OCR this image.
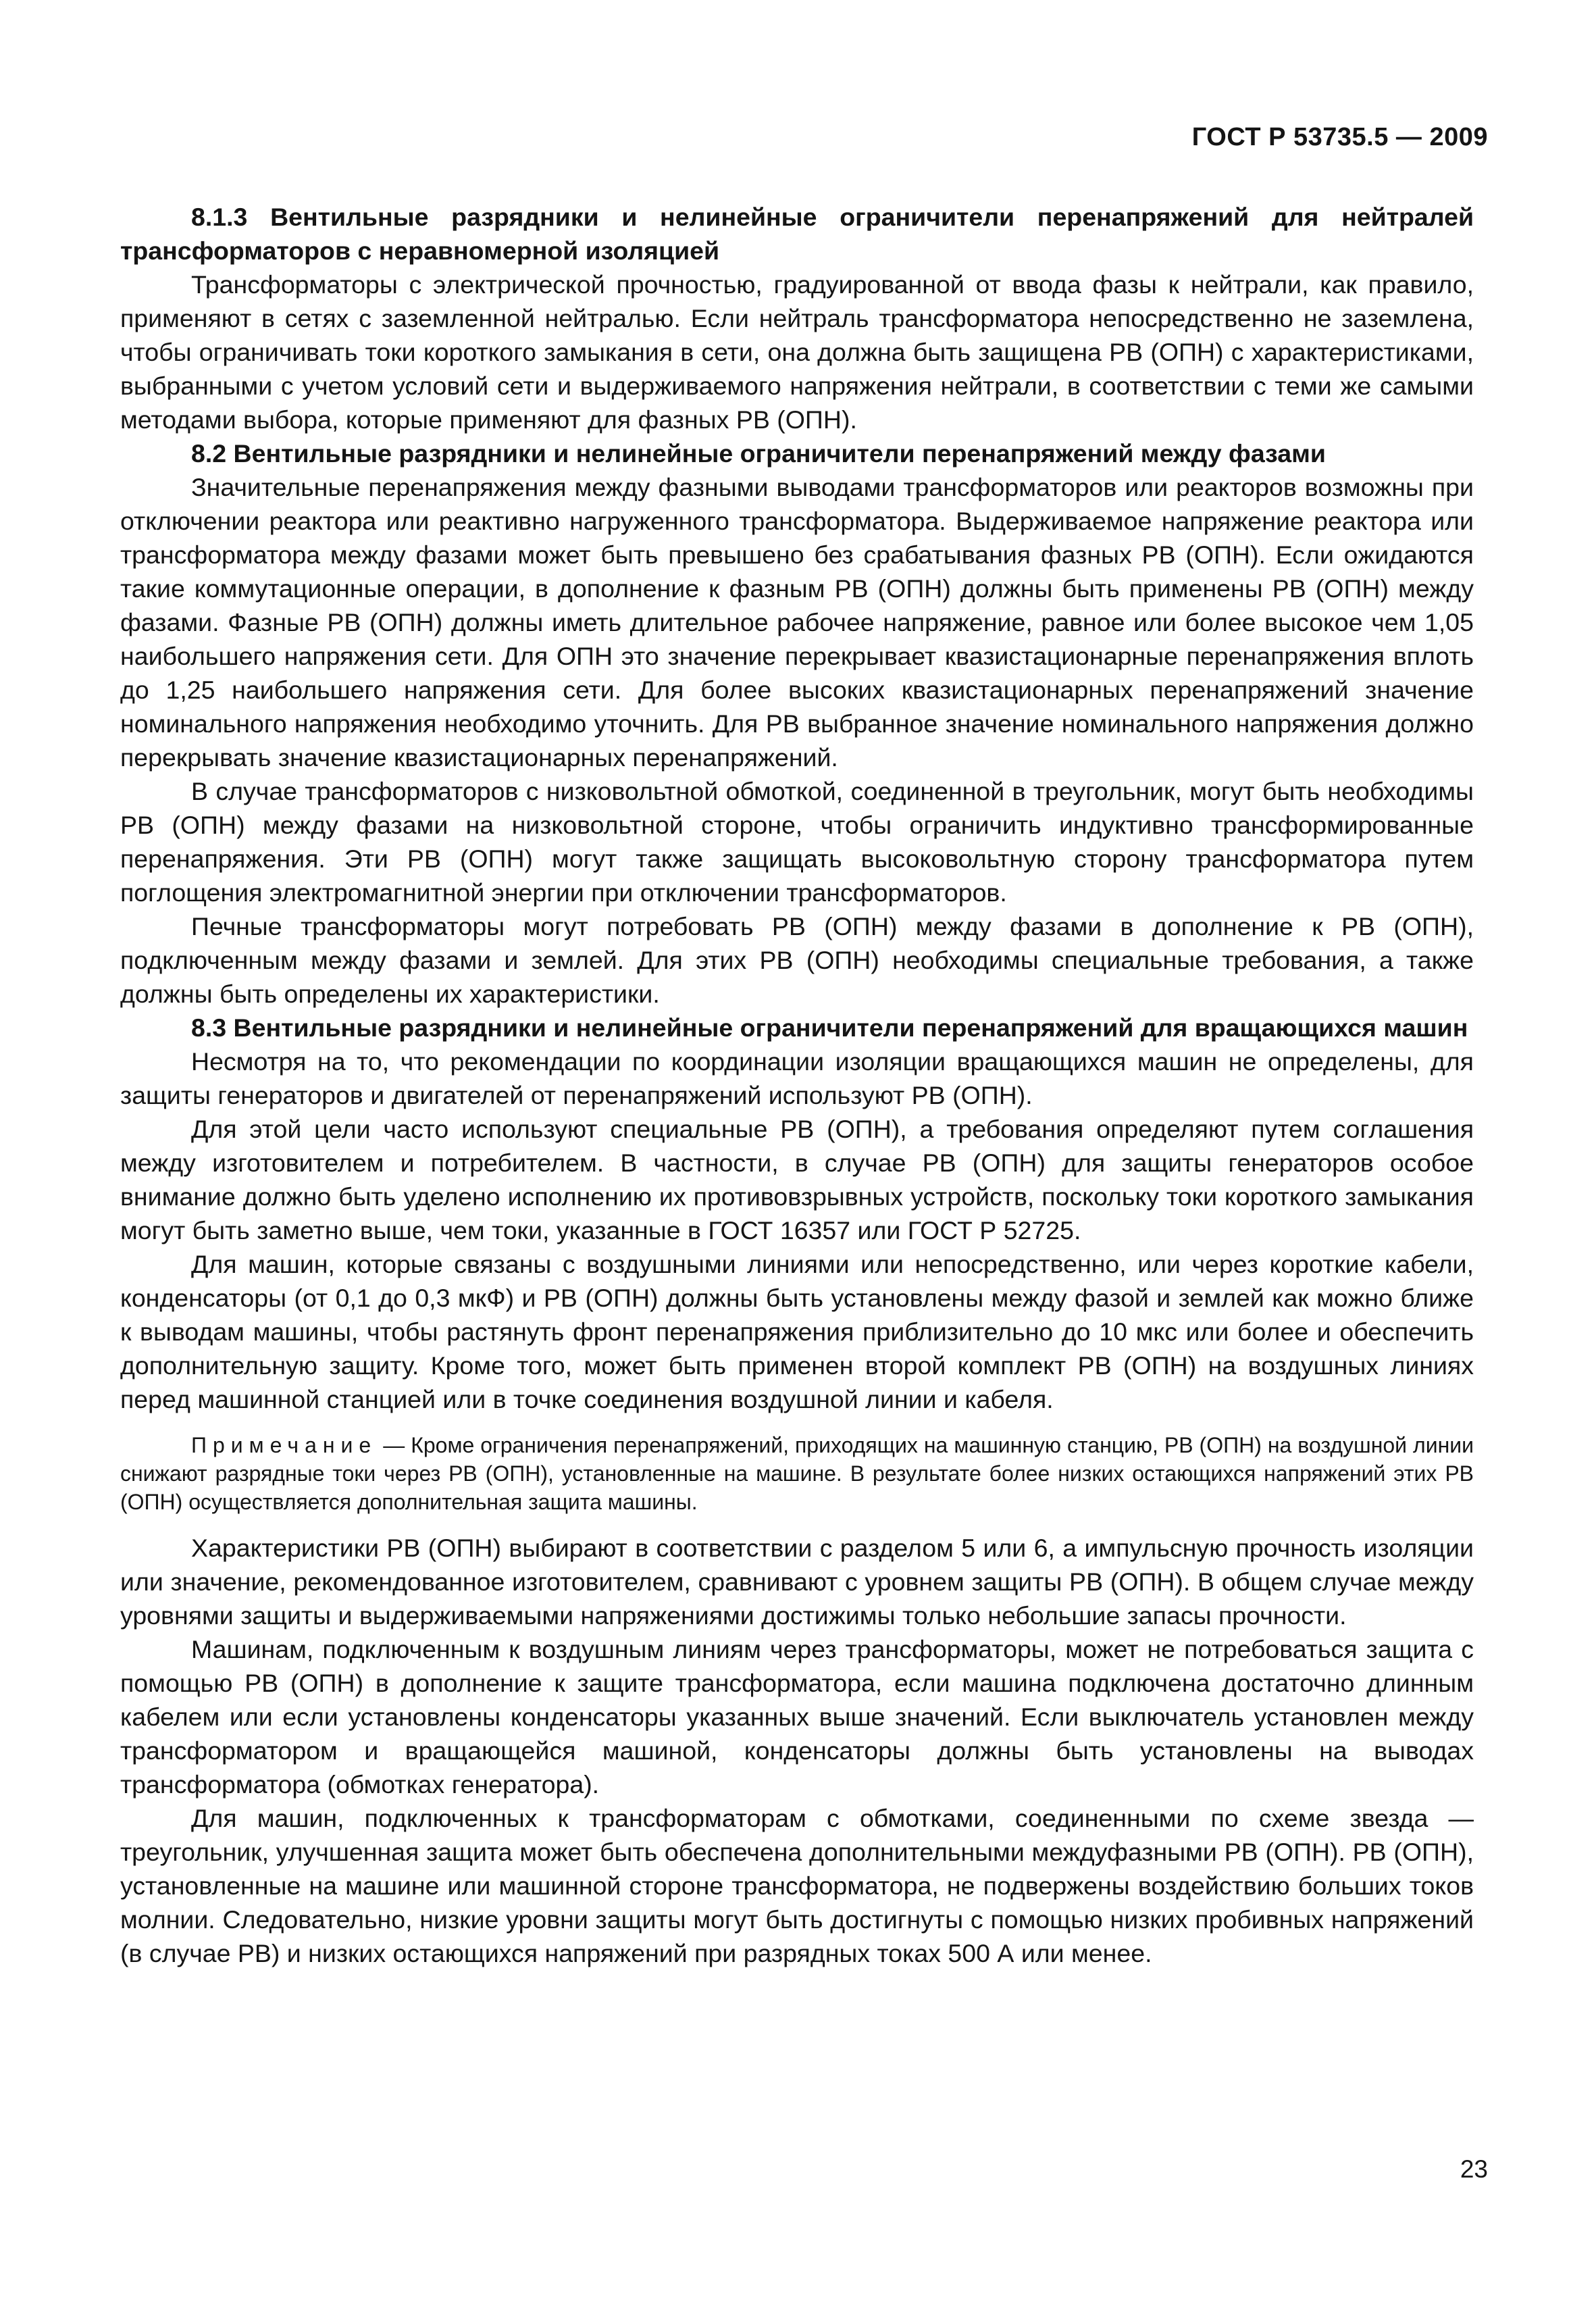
ГОСТ Р 53735.5 — 2009

8.1.3 Вентильные разрядники и нелинейные ограничители перенапряжений для нейтралей трансформаторов с неравномерной изоляцией

Трансформаторы с электрической прочностью, градуированной от ввода фазы к нейтрали, как правило, применяют в сетях с заземленной нейтралью. Если нейтраль трансформатора непосредственно не заземлена, чтобы ограничивать токи короткого замыкания в сети, она должна быть защищена РВ (ОПН) с характеристиками, выбранными с учетом условий сети и выдерживаемого напряжения нейтрали, в соответствии с теми же самыми методами выбора, которые применяют для фазных РВ (ОПН).

8.2 Вентильные разрядники и нелинейные ограничители перенапряжений между фазами

Значительные перенапряжения между фазными выводами трансформаторов или реакторов возможны при отключении реактора или реактивно нагруженного трансформатора. Выдерживаемое напряжение реактора или трансформатора между фазами может быть превышено без срабатывания фазных РВ (ОПН). Если ожидаются такие коммутационные операции, в дополнение к фазным РВ (ОПН) должны быть применены РВ (ОПН) между фазами. Фазные РВ (ОПН) должны иметь длительное рабочее напряжение, равное или более высокое чем 1,05 наибольшего напряжения сети. Для ОПН это значение перекрывает квазистационарные перенапряжения вплоть до 1,25 наибольшего напряжения сети. Для более высоких квазистационарных перенапряжений значение номинального напряжения необходимо уточнить. Для РВ выбранное значение номинального напряжения должно перекрывать значение квазистационарных перенапряжений.

В случае трансформаторов с низковольтной обмоткой, соединенной в треугольник, могут быть необходимы РВ (ОПН) между фазами на низковольтной стороне, чтобы ограничить индуктивно трансформированные перенапряжения. Эти РВ (ОПН) могут также защищать высоковольтную сторону трансформатора путем поглощения электромагнитной энергии при отключении трансформаторов.

Печные трансформаторы могут потребовать РВ (ОПН) между фазами в дополнение к РВ (ОПН), подключенным между фазами и землей. Для этих РВ (ОПН) необходимы специальные требования, а также должны быть определены их характеристики.

8.3 Вентильные разрядники и нелинейные ограничители перенапряжений для вращающихся машин

Несмотря на то, что рекомендации по координации изоляции вращающихся машин не определены, для защиты генераторов и двигателей от перенапряжений используют РВ (ОПН).

Для этой цели часто используют специальные РВ (ОПН), а требования определяют путем соглашения между изготовителем и потребителем. В частности, в случае РВ (ОПН) для защиты генераторов особое внимание должно быть уделено исполнению их противовзрывных устройств, поскольку токи короткого замыкания могут быть заметно выше, чем токи, указанные в ГОСТ 16357 или ГОСТ Р 52725.

Для машин, которые связаны с воздушными линиями или непосредственно, или через короткие кабели, конденсаторы (от 0,1 до 0,3 мкФ) и РВ (ОПН) должны быть установлены между фазой и землей как можно ближе к выводам машины, чтобы растянуть фронт перенапряжения приблизительно до 10 мкс или более и обеспечить дополнительную защиту. Кроме того, может быть применен второй комплект РВ (ОПН) на воздушных линиях перед машинной станцией или в точке соединения воздушной линии и кабеля.

Примечание — Кроме ограничения перенапряжений, приходящих на машинную станцию, РВ (ОПН) на воздушной линии снижают разрядные токи через РВ (ОПН), установленные на машине. В результате более низких остающихся напряжений этих РВ (ОПН) осуществляется дополнительная защита машины.

Характеристики РВ (ОПН) выбирают в соответствии с разделом 5 или 6, а импульсную прочность изоляции или значение, рекомендованное изготовителем, сравнивают с уровнем защиты РВ (ОПН). В общем случае между уровнями защиты и выдерживаемыми напряжениями достижимы только небольшие запасы прочности.

Машинам, подключенным к воздушным линиям через трансформаторы, может не потребоваться защита с помощью РВ (ОПН) в дополнение к защите трансформатора, если машина подключена достаточно длинным кабелем или если установлены конденсаторы указанных выше значений. Если выключатель установлен между трансформатором и вращающейся машиной, конденсаторы должны быть установлены на выводах трансформатора (обмотках генератора).

Для машин, подключенных к трансформаторам с обмотками, соединенными по схеме звезда — треугольник, улучшенная защита может быть обеспечена дополнительными междуфазными РВ (ОПН). РВ (ОПН), установленные на машине или машинной стороне трансформатора, не подвержены воздействию больших токов молнии. Следовательно, низкие уровни защиты могут быть достигнуты с помощью низких пробивных напряжений (в случае РВ) и низких остающихся напряжений при разрядных токах 500 А или менее.

23
